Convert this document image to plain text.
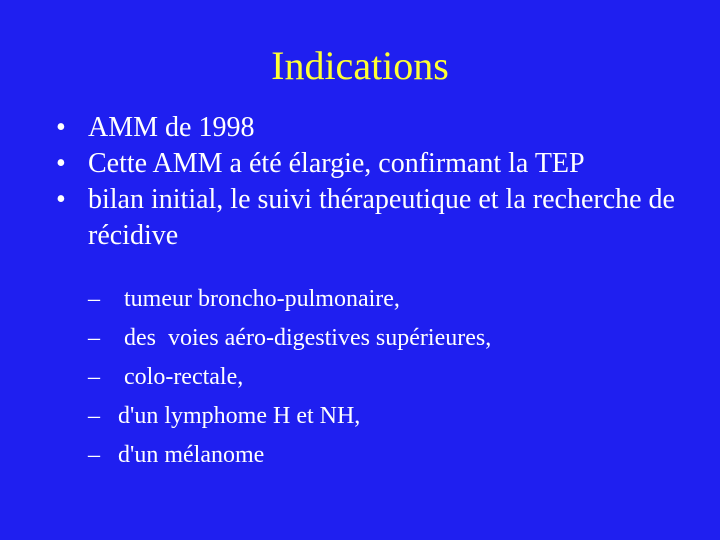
Indications
• AMM de 1998
• Cette AMM a été élargie, confirmant la TEP
• bilan initial, le suivi thérapeutique et la recherche de récidive
– tumeur broncho-pulmonaire,
– des  voies aéro-digestives supérieures,
– colo-rectale,
– d'un lymphome H et NH,
– d'un mélanome
